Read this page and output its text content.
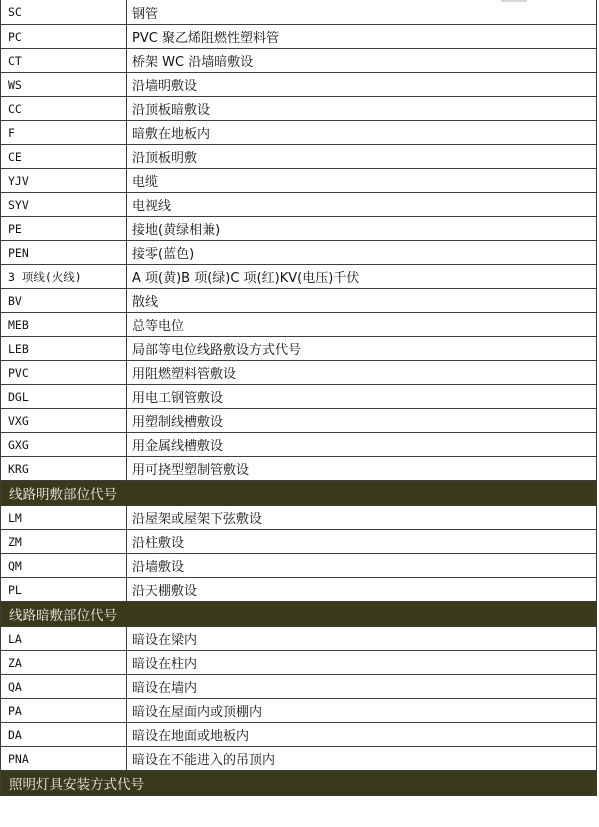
SC	钢管
PC	PVC 聚乙烯阻燃性塑料管
CT	桥架 WC 沿墙暗敷设
WS	沿墙明敷设
CC	沿顶板暗敷设
F	暗敷在地板内
CE	沿顶板明敷
YJV	电缆
SYV	电视线
PE	接地(黄绿相兼)
PEN	接零(蓝色)
3 项线(火线)	A 项(黄)B 项(绿)C 项(红)KV(电压)千伏
BV	散线
MEB	总等电位
LEB	局部等电位线路敷设方式代号
PVC	用阻燃塑料管敷设
DGL	用电工钢管敷设
VXG	用塑制线槽敷设
GXG	用金属线槽敷设
KRG	用可挠型塑制管敷设
线路明敷部位代号
LM	沿屋架或屋架下弦敷设
ZM	沿柱敷设
QM	沿墙敷设
PL	沿天棚敷设
线路暗敷部位代号
LA	暗设在梁内
ZA	暗设在柱内
QA	暗设在墙内
PA	暗设在屋面内或顶棚内
DA	暗设在地面或地板内
PNA	暗设在不能进入的吊顶内
照明灯具安装方式代号
